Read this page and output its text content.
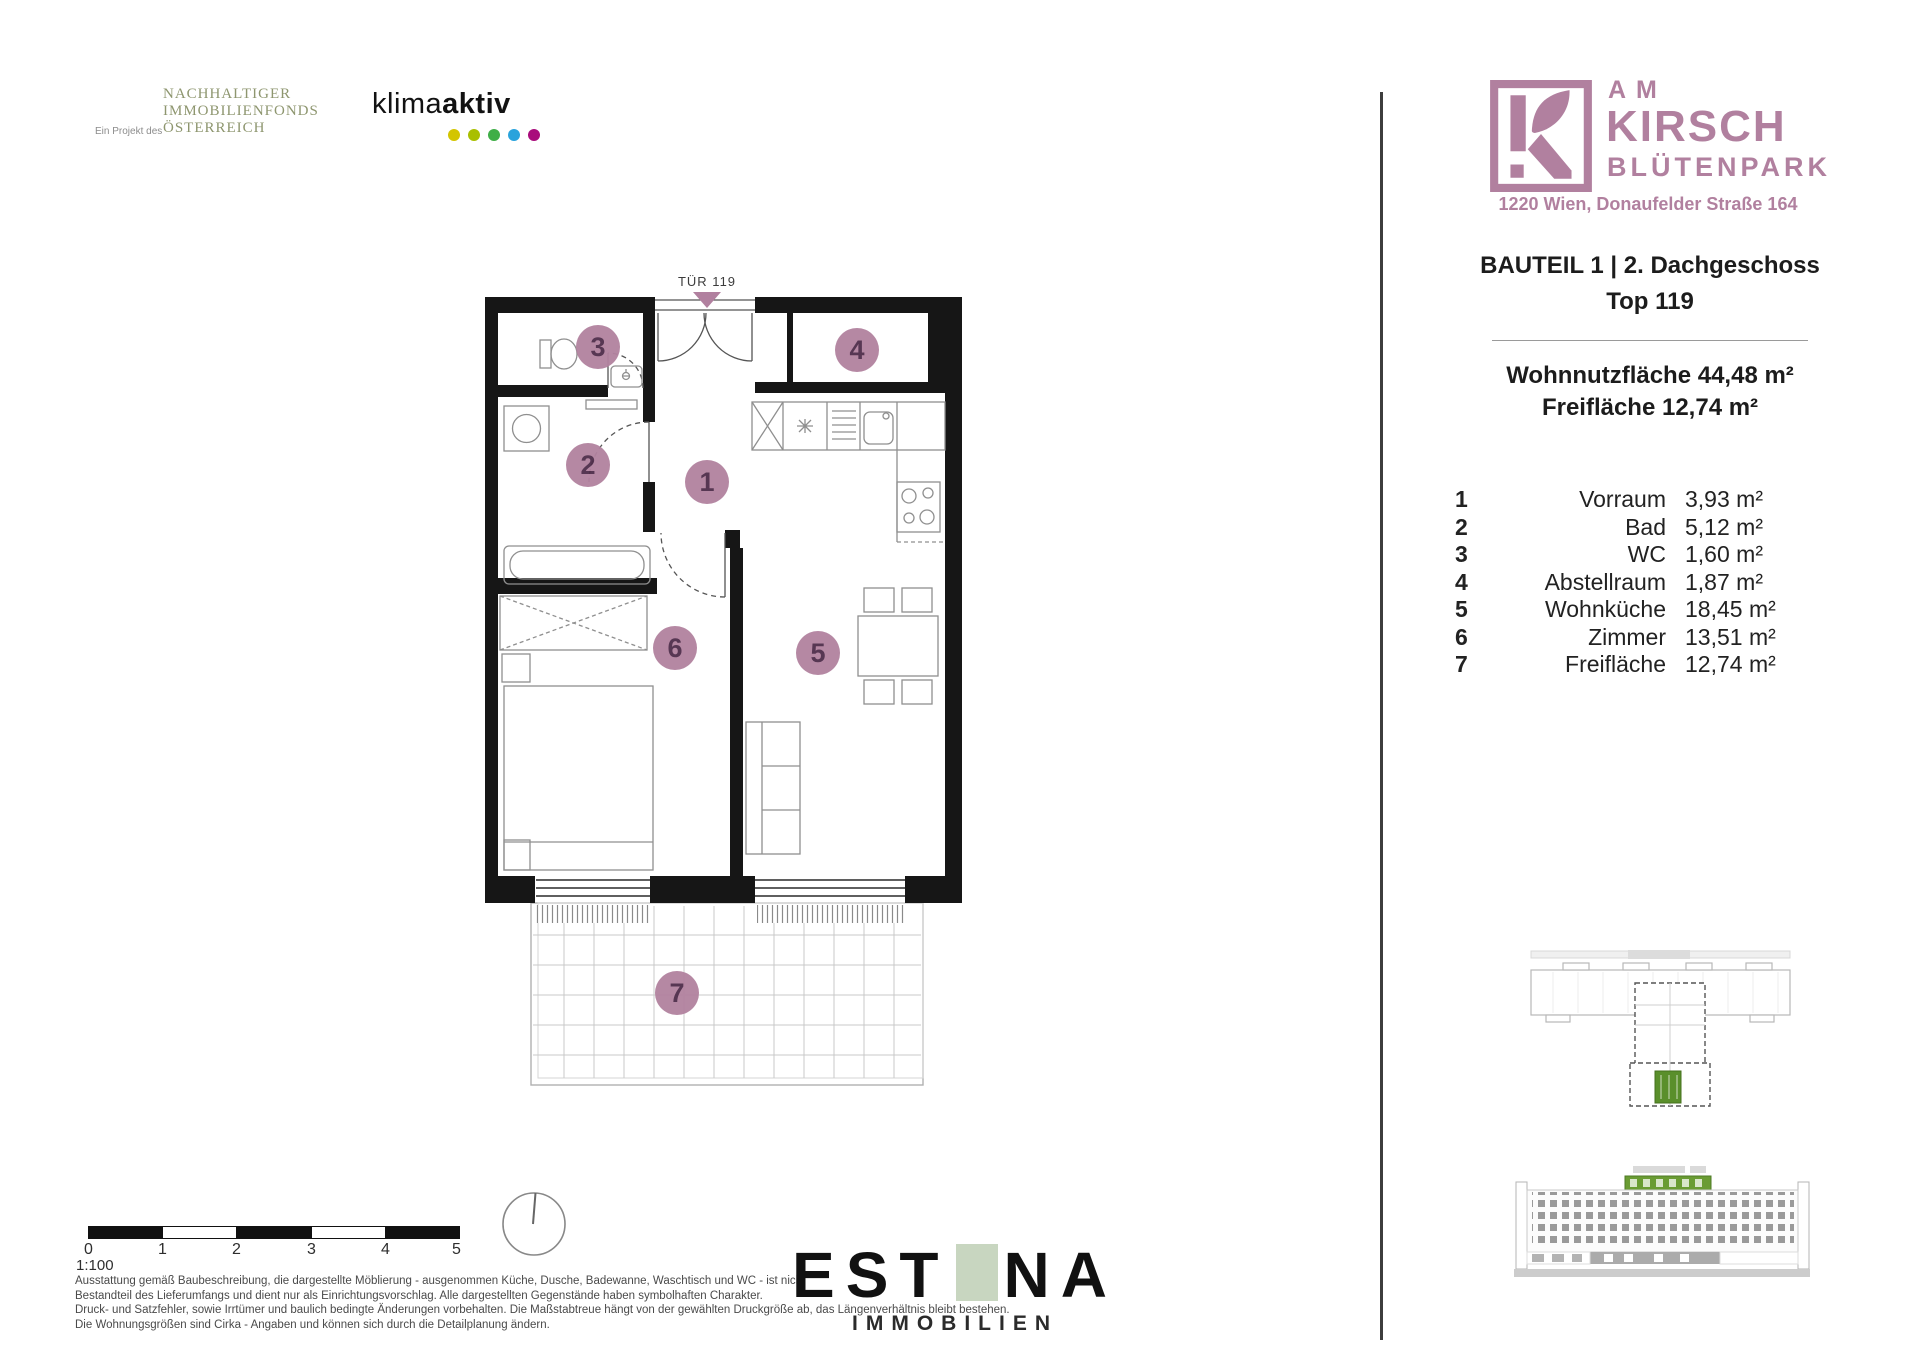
Ein Projekt des
NACHHALTIGER
IMMOBILIENFONDS
ÖSTERREICH
klimaaktiv	AM
KIRSCH
BLÜTENPARK
1220 Wien, Donaufelder Straße 164
BAUTEIL 1 | 2. Dachgeschoss
Top 119
Wohnnutzfläche 44,48 m²
Freifläche 12,74 m²
1	Vorraum 3,93 m²
2	Bad 5,12 m²
3	WC 1,60 m²
4	Abstellraum 1,87 m²
5	Wohnküche 18,45 m²
6	Zimmer 13,51 m²
7	Freifläche 12,74 m²
TÜR 119
1
2
3	4
5
6
7
0	1	2	3	4	5
1:100
Ausstattung gemäß Baubeschreibung, die dargestellte Möblierung - ausgenommen Küche, Dusche, Badewanne, Waschtisch und WC - ist nicht
Bestandteil des Lieferumfangs und dient nur als Einrichtungsvorschlag. Alle dargestellten Gegenstände haben symbolhaften Charakter.
Druck- und Satzfehler, sowie Irrtümer und baulich bedingte Änderungen vorbehalten. Die Maßstabtreue hängt von der gewählten Druckgröße ab, das Längenverhältnis bleibt bestehen.
Die Wohnungsgrößen sind Cirka - Angaben und können sich durch die Detailplanung ändern.
EST NA
IMMOBILIEN
